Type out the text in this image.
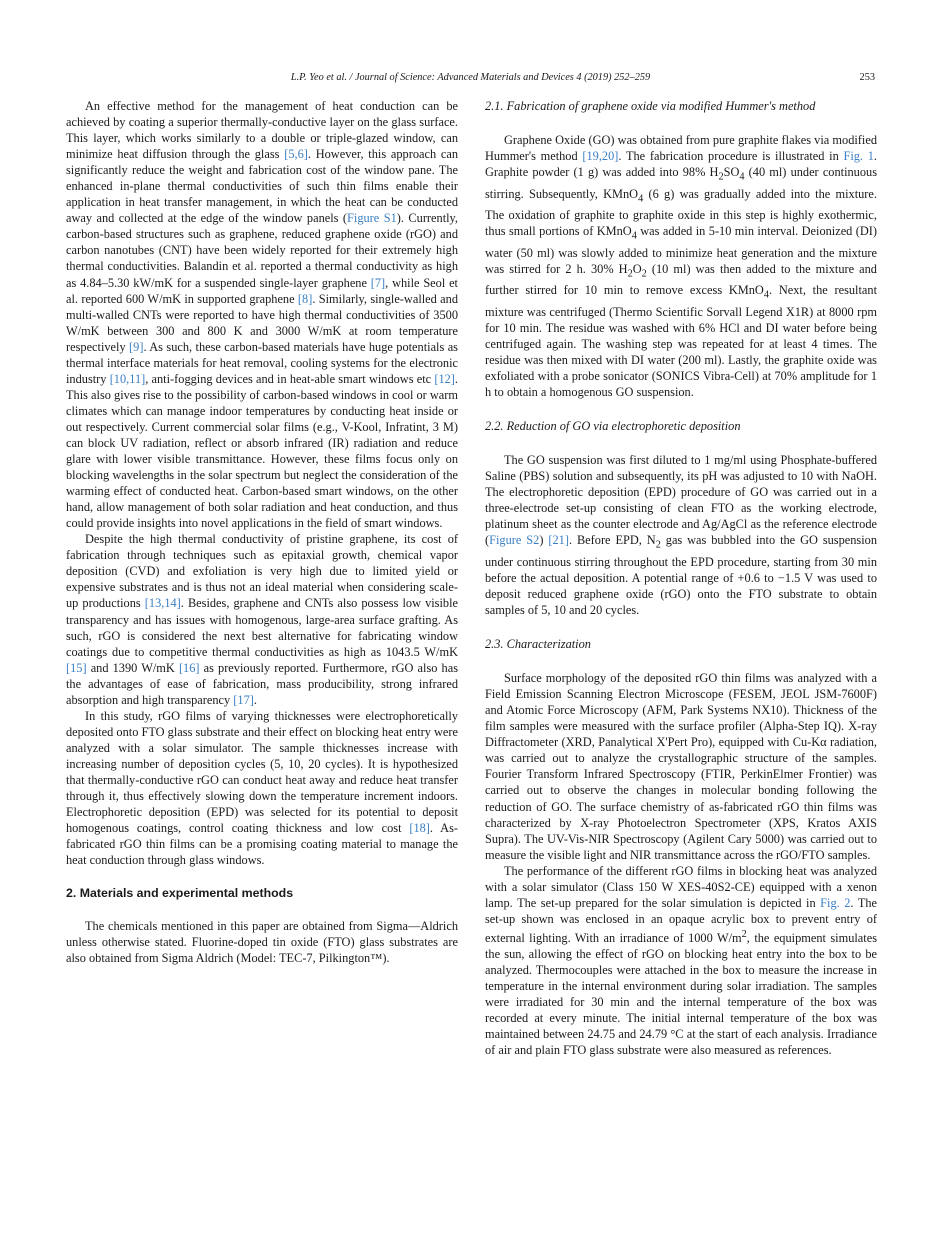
L.P. Yeo et al. / Journal of Science: Advanced Materials and Devices 4 (2019) 252–259	253

An effective method for the management of heat conduction can be achieved by coating a superior thermally-conductive layer on the glass surface. This layer, which works similarly to a double or triple-glazed window, can minimize heat diffusion through the glass [5,6]. However, this approach can significantly reduce the weight and fabrication cost of the window pane. The enhanced in-plane thermal conductivities of such thin films enable their application in heat transfer management, in which the heat can be conducted away and collected at the edge of the window panels (Figure S1). Currently, carbon-based structures such as graphene, reduced graphene oxide (rGO) and carbon nanotubes (CNT) have been widely reported for their extremely high thermal conductivities. Balandin et al. reported a thermal conductivity as high as 4.84–5.30 kW/mK for a suspended single-layer graphene [7], while Seol et al. reported 600 W/mK in supported graphene [8]. Similarly, single-walled and multi-walled CNTs were reported to have high thermal conductivities of 3500 W/mK between 300 and 800 K and 3000 W/mK at room temperature respectively [9]. As such, these carbon-based materials have huge potentials as thermal interface materials for heat removal, cooling systems for the electronic industry [10,11], anti-fogging devices and in heat-able smart windows etc [12]. This also gives rise to the possibility of carbon-based windows in cool or warm climates which can manage indoor temperatures by conducting heat inside or out respectively. Current commercial solar films (e.g., V-Kool, Infratint, 3 M) can block UV radiation, reflect or absorb infrared (IR) radiation and reduce glare with lower visible transmittance. However, these films focus only on blocking wavelengths in the solar spectrum but neglect the consideration of the warming effect of conducted heat. Carbon-based smart windows, on the other hand, allow management of both solar radiation and heat conduction, and thus could provide insights into novel applications in the field of smart windows.

Despite the high thermal conductivity of pristine graphene, its cost of fabrication through techniques such as epitaxial growth, chemical vapor deposition (CVD) and exfoliation is very high due to limited yield or expensive substrates and is thus not an ideal material when considering scale-up productions [13,14]. Besides, graphene and CNTs also possess low visible transparency and has issues with homogenous, large-area surface grafting. As such, rGO is considered the next best alternative for fabricating window coatings due to competitive thermal conductivities as high as 1043.5 W/mK [15] and 1390 W/mK [16] as previously reported. Furthermore, rGO also has the advantages of ease of fabrication, mass producibility, strong infrared absorption and high transparency [17].

In this study, rGO films of varying thicknesses were electrophoretically deposited onto FTO glass substrate and their effect on blocking heat entry were analyzed with a solar simulator. The sample thicknesses increase with increasing number of deposition cycles (5, 10, 20 cycles). It is hypothesized that thermally-conductive rGO can conduct heat away and reduce heat transfer through it, thus effectively slowing down the temperature increment indoors. Electrophoretic deposition (EPD) was selected for its potential to deposit homogenous coatings, control coating thickness and low cost [18]. As-fabricated rGO thin films can be a promising coating material to manage the heat conduction through glass windows.

2. Materials and experimental methods

The chemicals mentioned in this paper are obtained from Sigma—Aldrich unless otherwise stated. Fluorine-doped tin oxide (FTO) glass substrates are also obtained from Sigma Aldrich (Model: TEC-7, Pilkington™).

2.1. Fabrication of graphene oxide via modified Hummer's method

Graphene Oxide (GO) was obtained from pure graphite flakes via modified Hummer's method [19,20]. The fabrication procedure is illustrated in Fig. 1. Graphite powder (1 g) was added into 98% $H_2SO_4$ (40 ml) under continuous stirring. Subsequently, KMnO$_4$ (6 g) was gradually added into the mixture. The oxidation of graphite to graphite oxide in this step is highly exothermic, thus small portions of KMnO$_4$ was added in 5‐10 min interval. Deionized (DI) water (50 ml) was slowly added to minimize heat generation and the mixture was stirred for 2 h. 30% $H_2O_2$ (10 ml) was then added to the mixture and further stirred for 10 min to remove excess KMnO$_4$. Next, the resultant mixture was centrifuged (Thermo Scientific Sorvall Legend X1R) at 8000 rpm for 10 min. The residue was washed with 6% HCl and DI water before being centrifuged again. The washing step was repeated for at least 4 times. The residue was then mixed with DI water (200 ml). Lastly, the graphite oxide was exfoliated with a probe sonicator (SONICS Vibra-Cell) at 70% amplitude for 1 h to obtain a homogenous GO suspension.

2.2. Reduction of GO via electrophoretic deposition

The GO suspension was first diluted to 1 mg/ml using Phosphate-buffered Saline (PBS) solution and subsequently, its pH was adjusted to 10 with NaOH. The electrophoretic deposition (EPD) procedure of GO was carried out in a three-electrode set-up consisting of clean FTO as the working electrode, platinum sheet as the counter electrode and Ag/AgCl as the reference electrode (Figure S2) [21]. Before EPD, $N_2$ gas was bubbled into the GO suspension under continuous stirring throughout the EPD procedure, starting from 30 min before the actual deposition. A potential range of +0.6 to −1.5 V was used to deposit reduced graphene oxide (rGO) onto the FTO substrate to obtain samples of 5, 10 and 20 cycles.

2.3. Characterization

Surface morphology of the deposited rGO thin films was analyzed with a Field Emission Scanning Electron Microscope (FESEM, JEOL JSM-7600F) and Atomic Force Microscopy (AFM, Park Systems NX10). Thickness of the film samples were measured with the surface profiler (Alpha-Step IQ). X-ray Diffractometer (XRD, Panalytical X'Pert Pro), equipped with Cu-Kα radiation, was carried out to analyze the crystallographic structure of the samples. Fourier Transform Infrared Spectroscopy (FTIR, PerkinElmer Frontier) was carried out to observe the changes in molecular bonding following the reduction of GO. The surface chemistry of as-fabricated rGO thin films was characterized by X-ray Photoelectron Spectrometer (XPS, Kratos AXIS Supra). The UV-Vis-NIR Spectroscopy (Agilent Cary 5000) was carried out to measure the visible light and NIR transmittance across the rGO/FTO samples.

The performance of the different rGO films in blocking heat was analyzed with a solar simulator (Class 150 W XES-40S2-CE) equipped with a xenon lamp. The set-up prepared for the solar simulation is depicted in Fig. 2. The set-up shown was enclosed in an opaque acrylic box to prevent entry of external lighting. With an irradiance of 1000 $W/m^2$, the equipment simulates the sun, allowing the effect of rGO on blocking heat entry into the box to be analyzed. Thermocouples were attached in the box to measure the increase in temperature in the internal environment during solar irradiation. The samples were irradiated for 30 min and the internal temperature of the box was recorded at every minute. The initial internal temperature of the box was maintained between 24.75 and 24.79 °C at the start of each analysis. Irradiance of air and plain FTO glass substrate were also measured as references.
